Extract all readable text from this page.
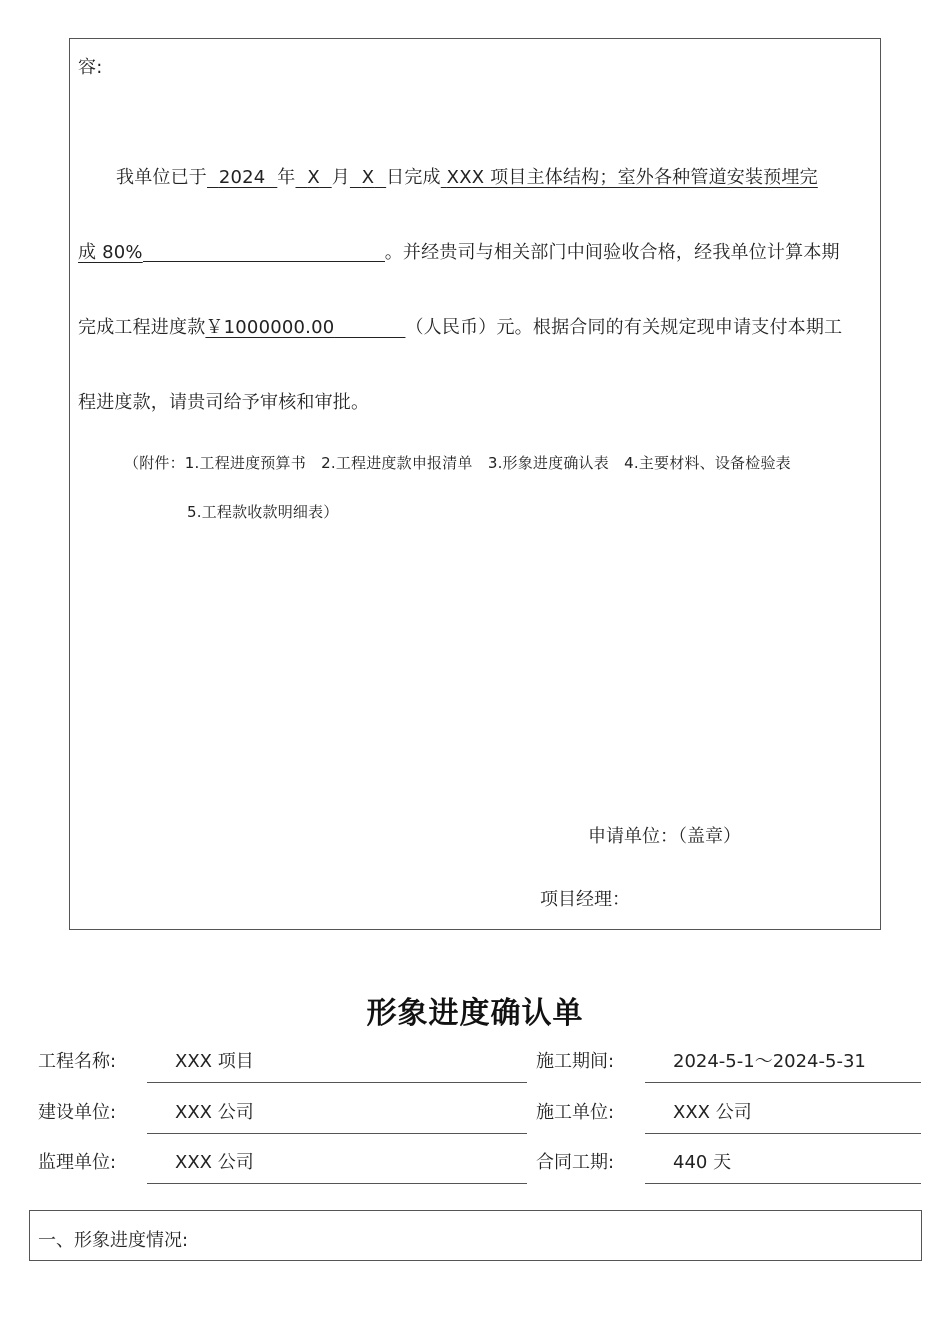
容:
我单位已于 2024 年 X 月 X 日完成 XXX 项目主体结构；室外各种管道安装预埋完
成 80%	。并经贵司与相关部门中间验收合格，经我单位计算本期
完成工程进度款￥1000000.00	（人民币）元。根据合同的有关规定现申请支付本期工
程进度款，请贵司给予审核和审批。
（附件：1.工程进度预算书　2.工程进度款申报清单　3.形象进度确认表　4.主要材料、设备检验表
5.工程款收款明细表）
申请单位：（盖章）
项目经理：
形象进度确认单
工程名称:	XXX 项目	施工期间:	2024-5-1～2024-5-31
建设单位:	XXX 公司	施工单位:	XXX 公司
监理单位:	XXX 公司	合同工期:	440 天
一、形象进度情况:
